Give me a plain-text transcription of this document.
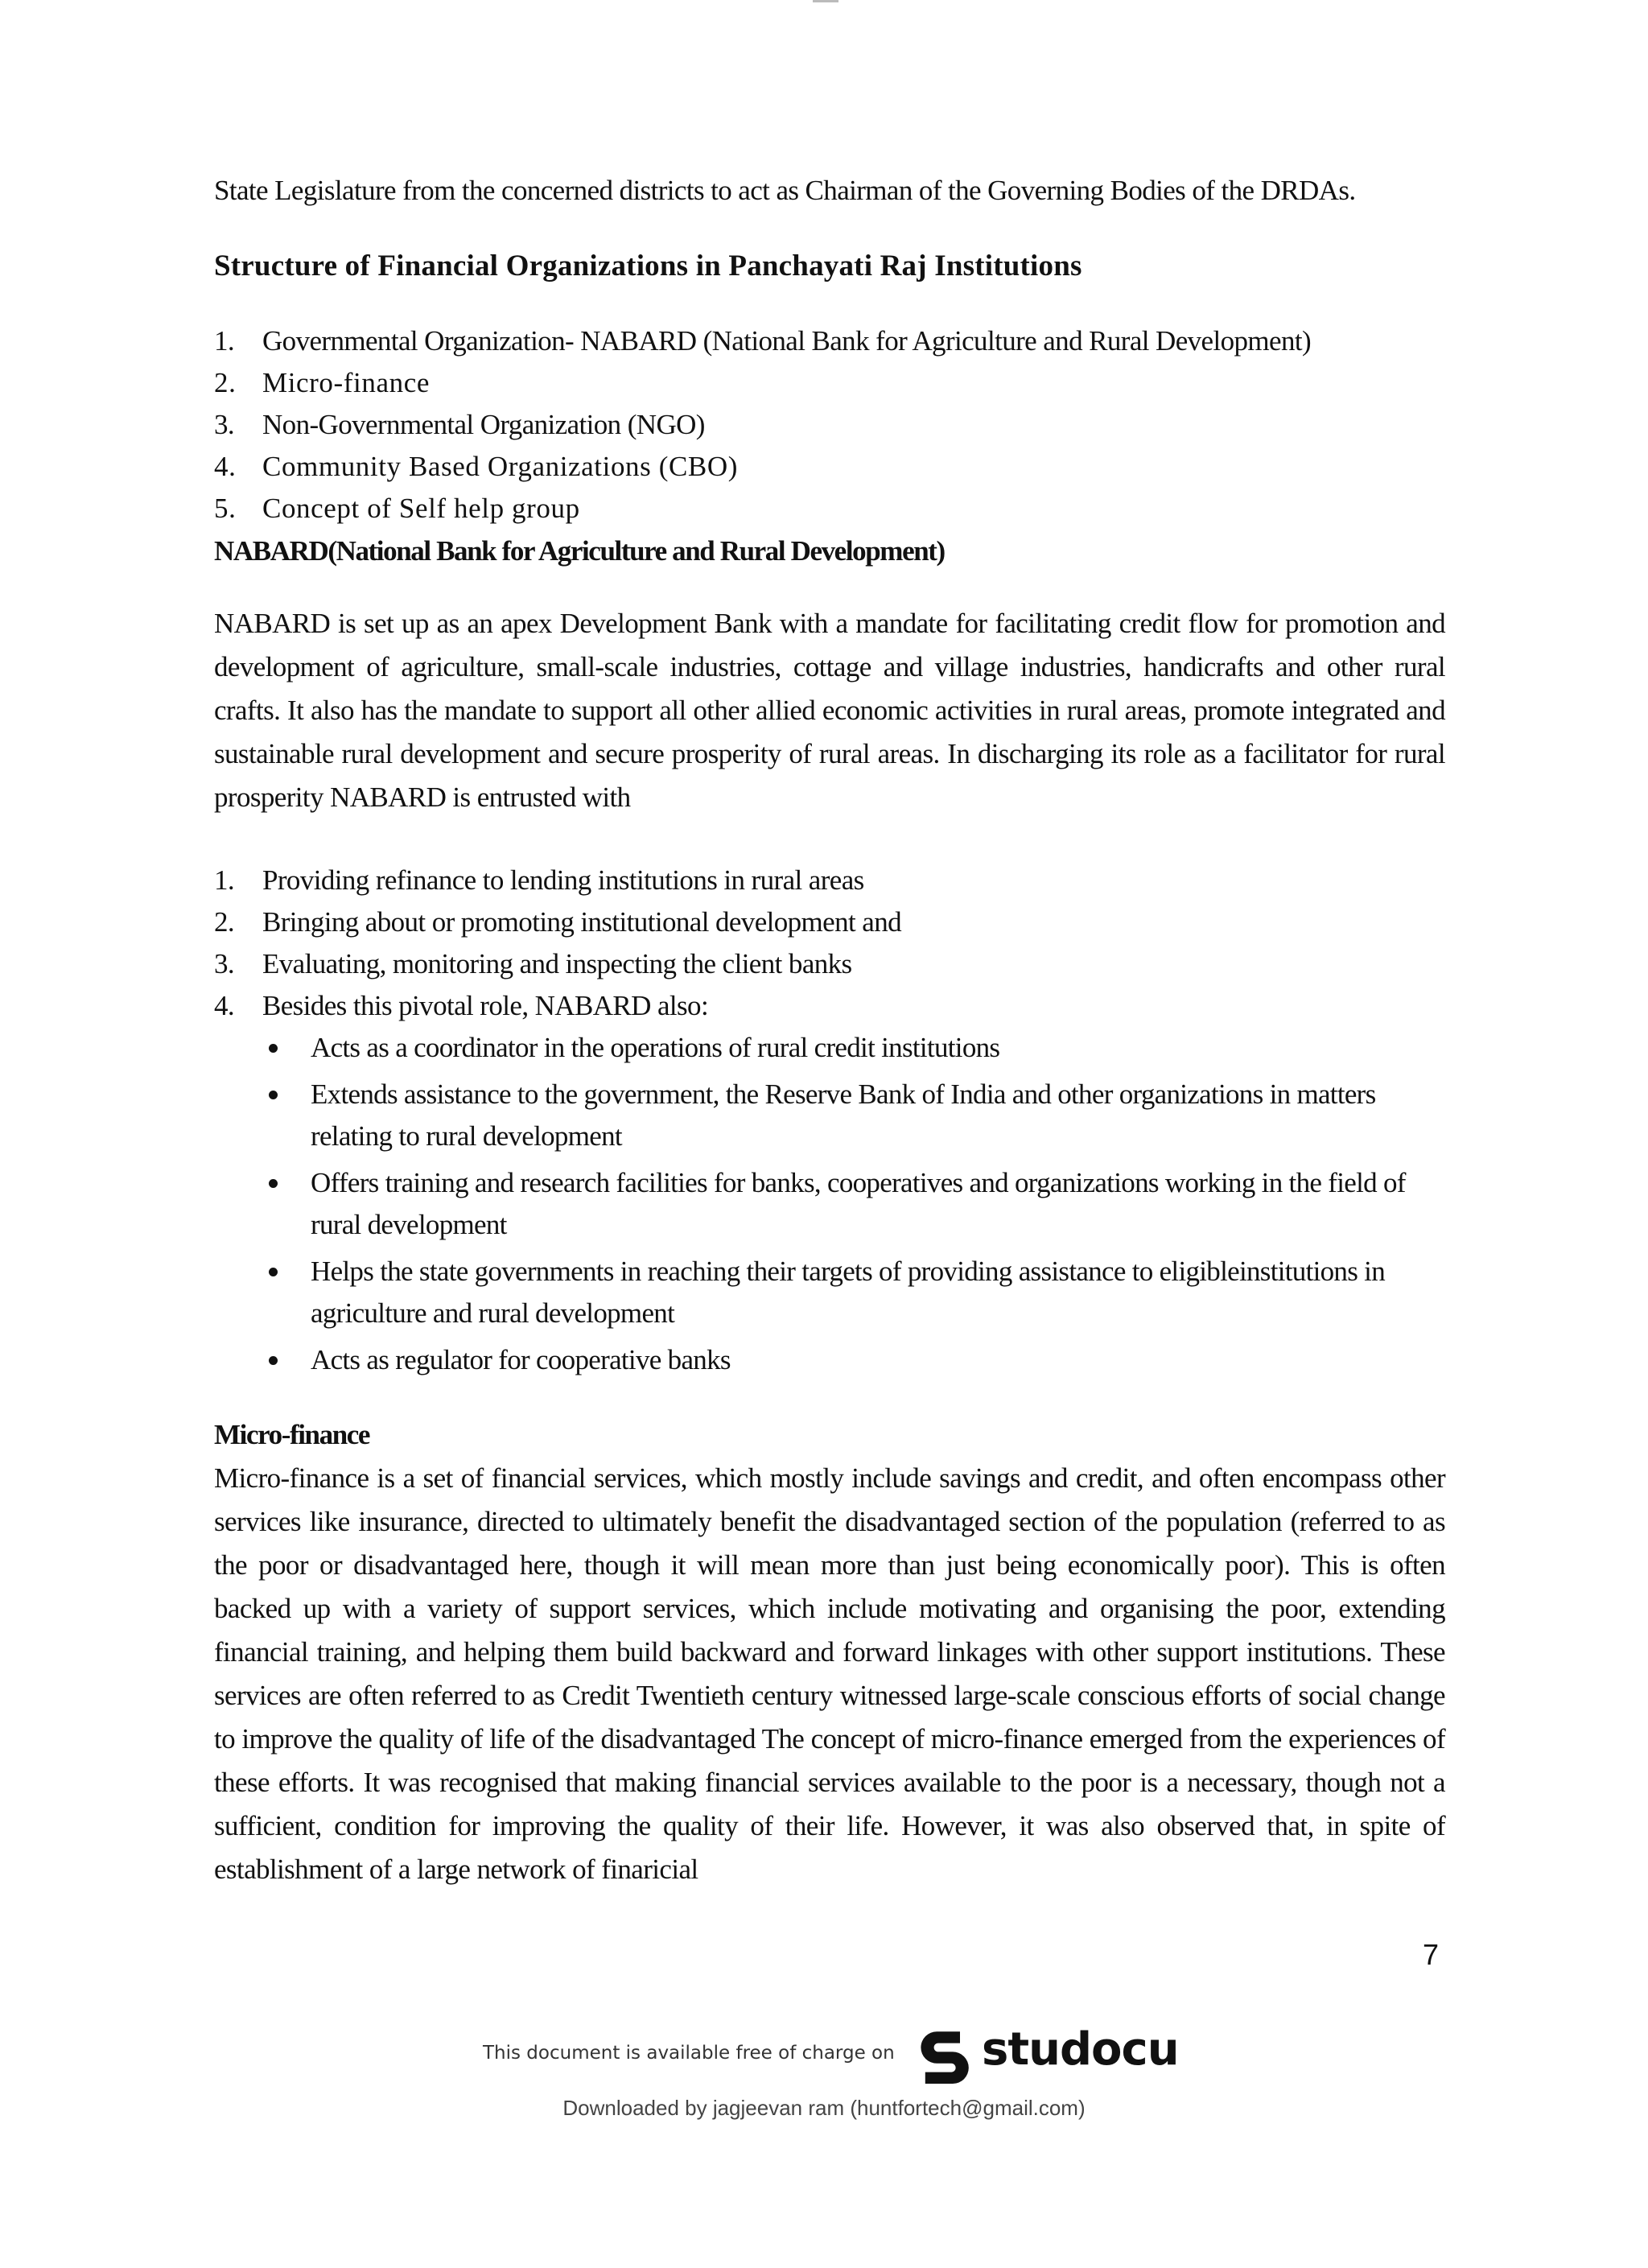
State Legislature from the concerned districts to act as Chairman of the Governing Bodies of the DRDAs.

Structure of Financial Organizations in Panchayati Raj Institutions

1. Governmental Organization- NABARD (National Bank for Agriculture and Rural Development)
2. Micro-finance
3. Non-Governmental Organization (NGO)
4. Community Based Organizations (CBO)
5. Concept of Self help group

NABARD(National Bank for Agriculture and Rural Development)

NABARD is set up as an apex Development Bank with a mandate for facilitating credit flow for promotion and development of agriculture, small-scale industries, cottage and village industries, handicrafts and other rural crafts. It also has the mandate to support all other allied economic activities in rural areas, promote integrated and sustainable rural development and secure prosperity of rural areas. In discharging its role as a facilitator for rural prosperity NABARD is entrusted with

1. Providing refinance to lending institutions in rural areas
2. Bringing about or promoting institutional development and
3. Evaluating, monitoring and inspecting the client banks
4. Besides this pivotal role, NABARD also:
Acts as a coordinator in the operations of rural credit institutions
Extends assistance to the government, the Reserve Bank of India and other organizations in matters relating to rural development
Offers training and research facilities for banks, cooperatives and organizations working in the field of rural development
Helps the state governments in reaching their targets of providing assistance to eligibleinstitutions in agriculture and rural development
Acts as regulator for cooperative banks

Micro-finance

Micro-finance is a set of financial services, which mostly include savings and credit, and often encompass other services like insurance, directed to ultimately benefit the disadvantaged section of the population (referred to as the poor or disadvantaged here, though it will mean more than just being economically poor). This is often backed up with a variety of support services, which include motivating and organising the poor, extending financial training, and helping them build backward and forward linkages with other support institutions. These services are often referred to as Credit Twentieth century witnessed large-scale conscious efforts of social change to improve the quality of life of the disadvantaged The concept of micro-finance emerged from the experiences of these efforts. It was recognised that making financial services available to the poor is a necessary, though not a sufficient, condition for improving the quality of their life. However, it was also observed that, in spite of establishment of a large network of finaricial

7
This document is available free of charge on studocu
Downloaded by jagjeevan ram (huntfortech@gmail.com)
